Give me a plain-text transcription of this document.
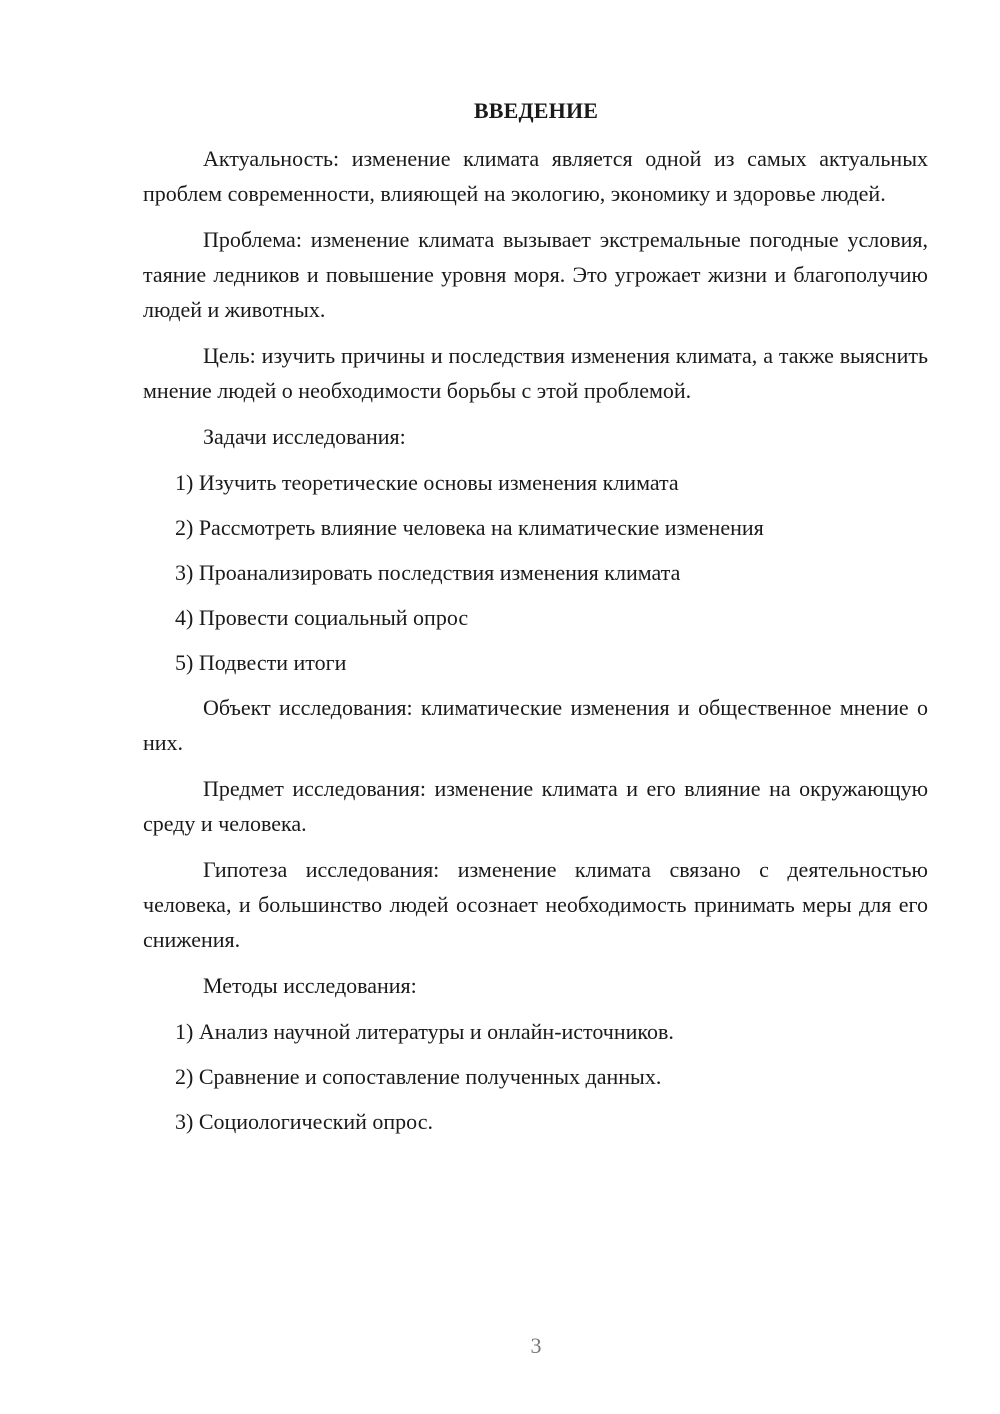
ВВЕДЕНИЕ

Актуальность: изменение климата является одной из самых актуальных проблем современности, влияющей на экологию, экономику и здоровье людей.

Проблема: изменение климата вызывает экстремальные погодные условия, таяние ледников и повышение уровня моря. Это угрожает жизни и благополучию людей и животных.

Цель: изучить причины и последствия изменения климата, а также выяснить мнение людей о необходимости борьбы с этой проблемой.

Задачи исследования:

1) Изучить теоретические основы изменения климата
2) Рассмотреть влияние человека на климатические изменения
3) Проанализировать последствия изменения климата
4) Провести социальный опрос
5) Подвести итоги

Объект исследования: климатические изменения и общественное мнение о них.

Предмет исследования: изменение климата и его влияние на окружающую среду и человека.

Гипотеза исследования: изменение климата связано с деятельностью человека, и большинство людей осознает необходимость принимать меры для его снижения.

Методы исследования:

1) Анализ научной литературы и онлайн-источников.
2) Сравнение и сопоставление полученных данных.
3) Социологический опрос.
3
